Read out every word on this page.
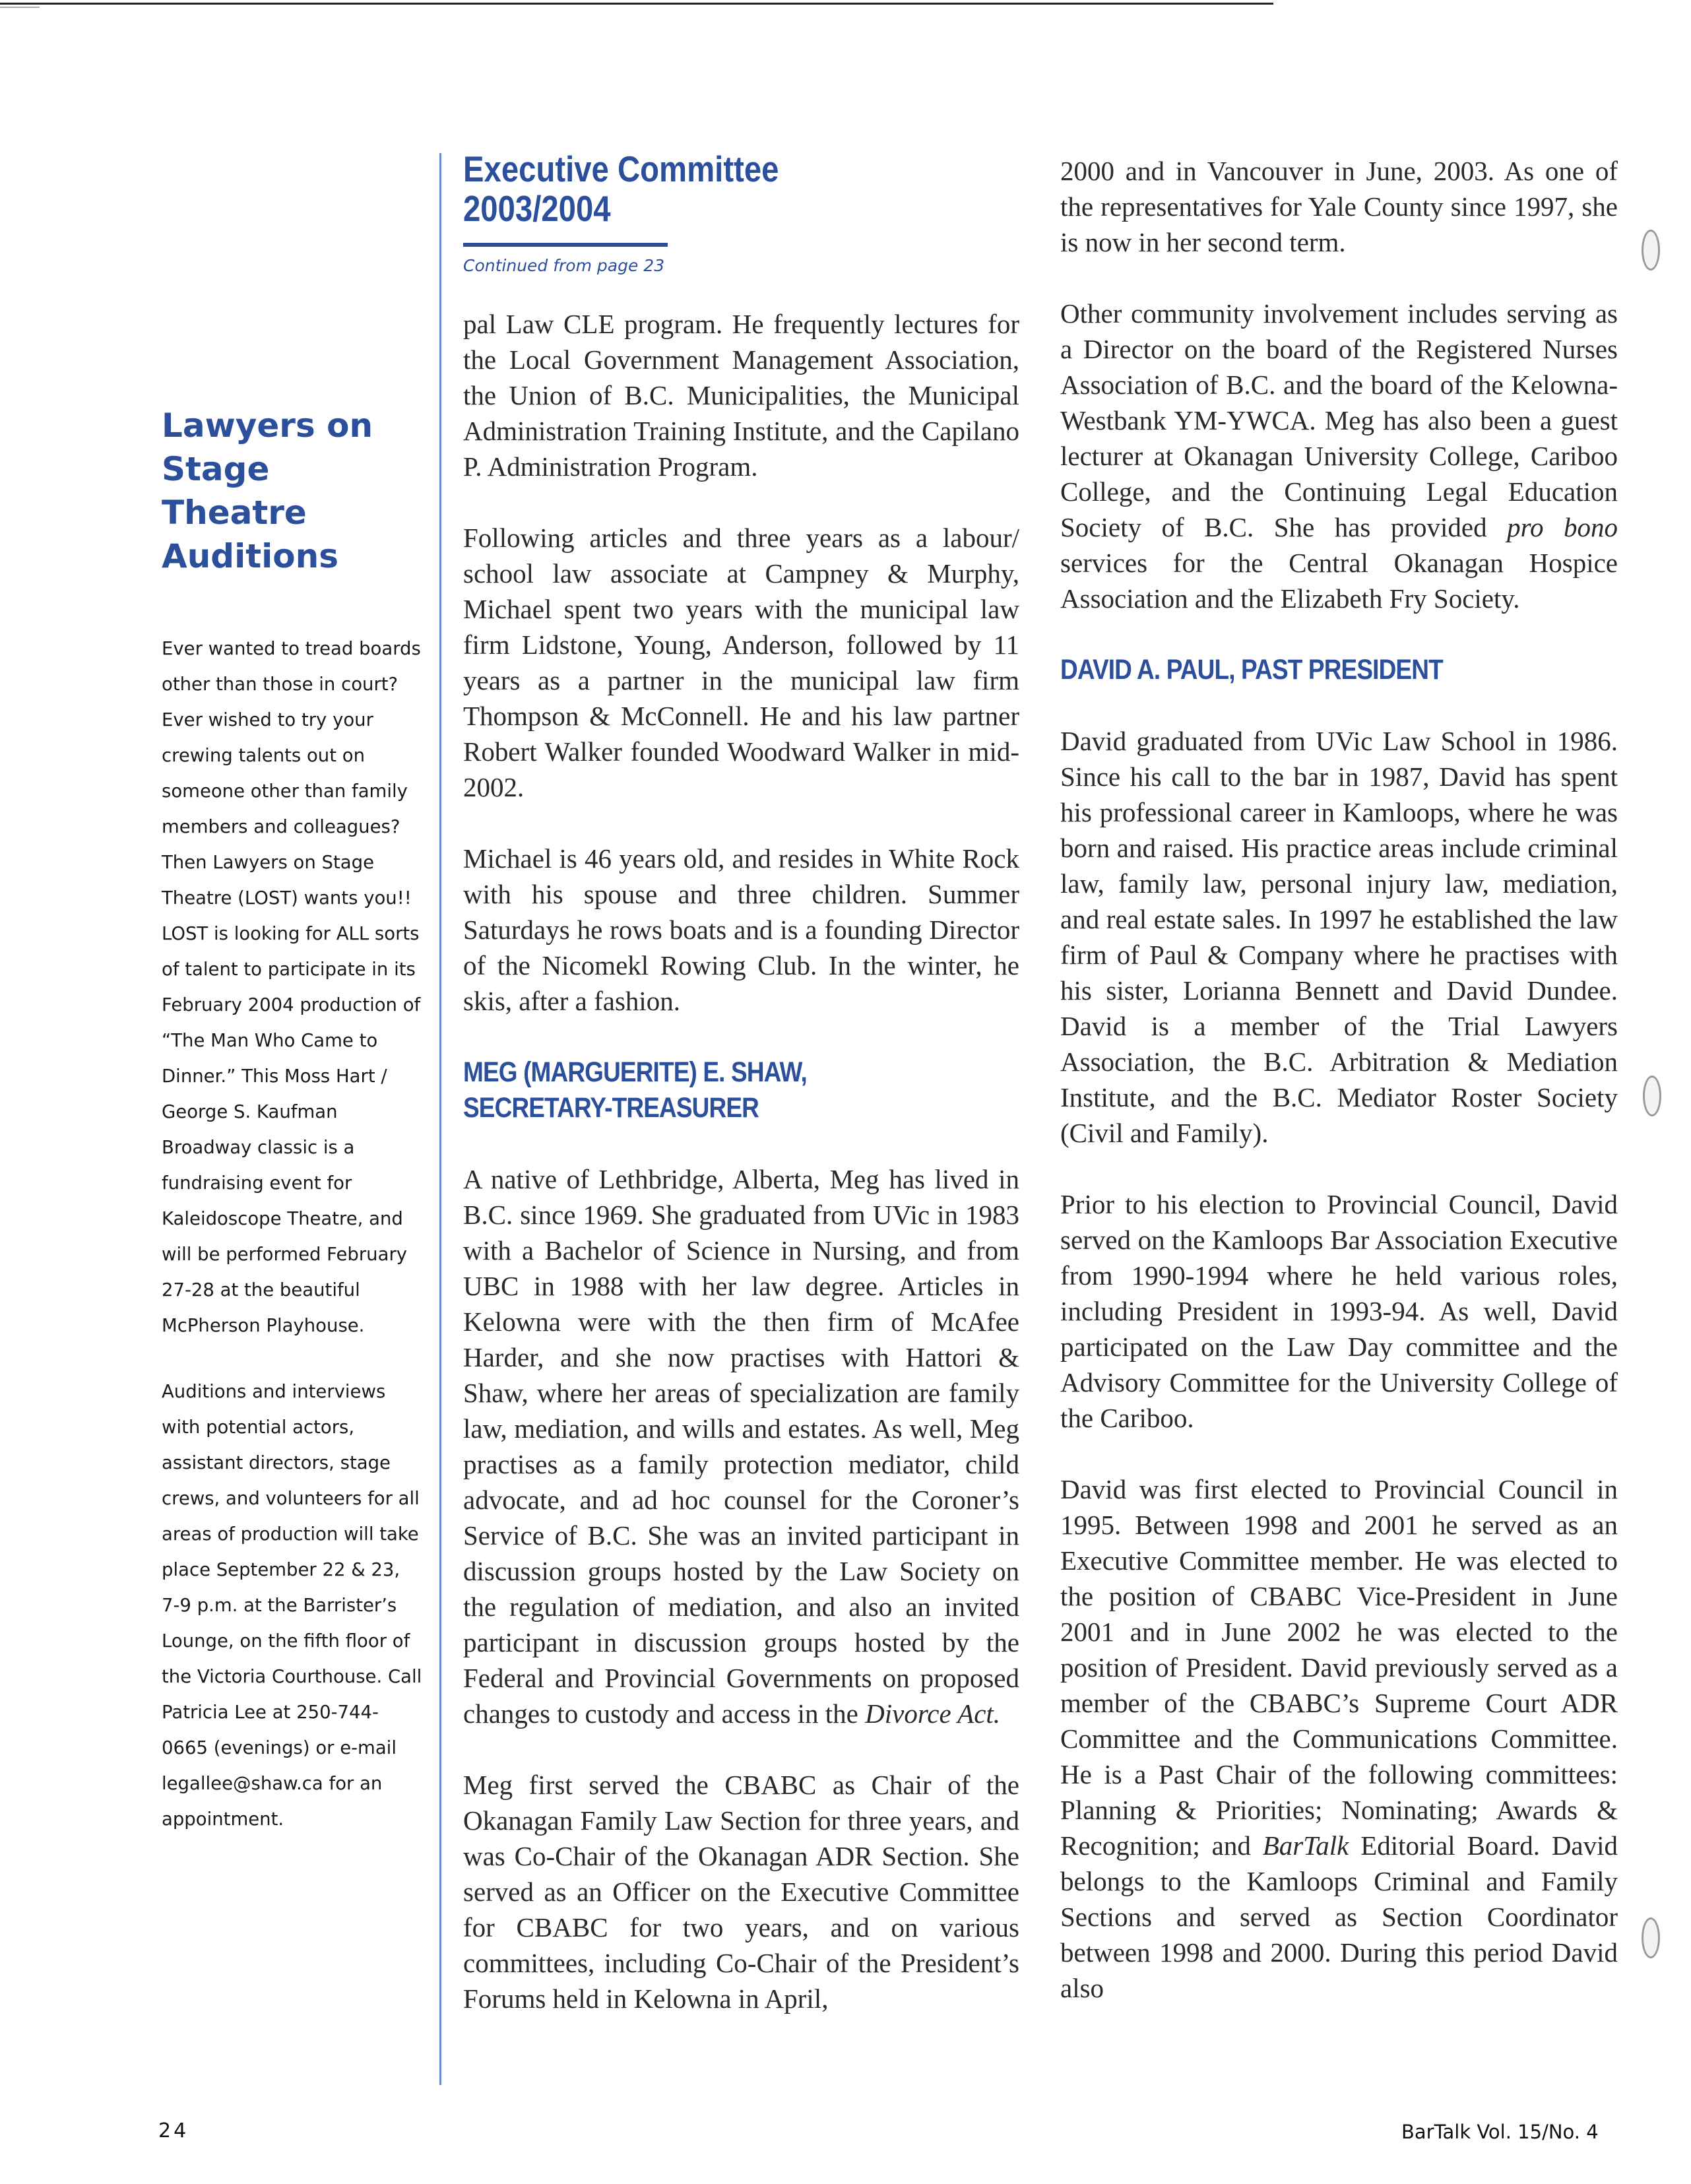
Lawyers on Stage Theatre Auditions

Ever wanted to tread boards other than those in court? Ever wished to try your crewing talents out on someone other than family members and colleagues? Then Lawyers on Stage Theatre (LOST) wants you!! LOST is looking for ALL sorts of talent to participate in its February 2004 production of “The Man Who Came to Dinner.” This Moss Hart / George S. Kaufman Broadway classic is a fundraising event for Kaleidoscope Theatre, and will be performed February 27-28 at the beautiful McPherson Playhouse.

Auditions and interviews with potential actors, assistant directors, stage crews, and volunteers for all areas of production will take place September 22 & 23, 7-9 p.m. at the Barrister’s Lounge, on the fifth floor of the Victoria Courthouse. Call Patricia Lee at 250-744-0665 (evenings) or e-mail legallee@shaw.ca for an appointment.

Executive Committee
2003/2004
Continued from page 23

pal Law CLE program. He frequently lectures for the Local Government Management Association, the Union of B.C. Municipalities, the Municipal Administration Training Institute, and the Capilano P. Administration Program.

Following articles and three years as a labour/ school law associate at Campney & Murphy, Michael spent two years with the municipal law firm Lidstone, Young, Anderson, followed by 11 years as a partner in the municipal law firm Thompson & McConnell. He and his law partner Robert Walker founded Woodward Walker in mid-2002.

Michael is 46 years old, and resides in White Rock with his spouse and three children. Summer Saturdays he rows boats and is a founding Director of the Nicomekl Rowing Club. In the winter, he skis, after a fashion.

MEG (MARGUERITE) E. SHAW,
SECRETARY-TREASURER

A native of Lethbridge, Alberta, Meg has lived in B.C. since 1969. She graduated from UVic in 1983 with a Bachelor of Science in Nursing, and from UBC in 1988 with her law degree. Articles in Kelowna were with the then firm of McAfee Harder, and she now practises with Hattori & Shaw, where her areas of specialization are family law, mediation, and wills and estates. As well, Meg practises as a family protection mediator, child advocate, and ad hoc counsel for the Coroner’s Service of B.C. She was an invited participant in discussion groups hosted by the Law Society on the regulation of mediation, and also an invited participant in discussion groups hosted by the Federal and Provincial Governments on proposed changes to custody and access in the Divorce Act.

Meg first served the CBABC as Chair of the Okanagan Family Law Section for three years, and was Co-Chair of the Okanagan ADR Section. She served as an Officer on the Executive Committee for CBABC for two years, and on various committees, including Co-Chair of the President’s Forums held in Kelowna in April,

2000 and in Vancouver in June, 2003. As one of the representatives for Yale County since 1997, she is now in her second term.

Other community involvement includes serving as a Director on the board of the Registered Nurses Association of B.C. and the board of the Kelowna-Westbank YM-YWCA. Meg has also been a guest lecturer at Okanagan University College, Cariboo College, and the Continuing Legal Education Society of B.C. She has provided pro bono services for the Central Okanagan Hospice Association and the Elizabeth Fry Society.

DAVID A. PAUL, PAST PRESIDENT

David graduated from UVic Law School in 1986. Since his call to the bar in 1987, David has spent his professional career in Kamloops, where he was born and raised. His practice areas include criminal law, family law, personal injury law, mediation, and real estate sales. In 1997 he established the law firm of Paul & Company where he practises with his sister, Lorianna Bennett and David Dundee. David is a member of the Trial Lawyers Association, the B.C. Arbitration & Mediation Institute, and the B.C. Mediator Roster Society (Civil and Family).

Prior to his election to Provincial Council, David served on the Kamloops Bar Association Executive from 1990-1994 where he held various roles, including President in 1993-94. As well, David participated on the Law Day committee and the Advisory Committee for the University College of the Cariboo.

David was first elected to Provincial Council in 1995. Between 1998 and 2001 he served as an Executive Committee member. He was elected to the position of CBABC Vice-President in June 2001 and in June 2002 he was elected to the position of President. David previously served as a member of the CBABC’s Supreme Court ADR Committee and the Communications Committee. He is a Past Chair of the following committees: Planning & Priorities; Nominating; Awards & Recognition; and BarTalk Editorial Board. David belongs to the Kamloops Criminal and Family Sections and served as Section Coordinator between 1998 and 2000. During this period David also

24	BarTalk Vol. 15/No. 4
